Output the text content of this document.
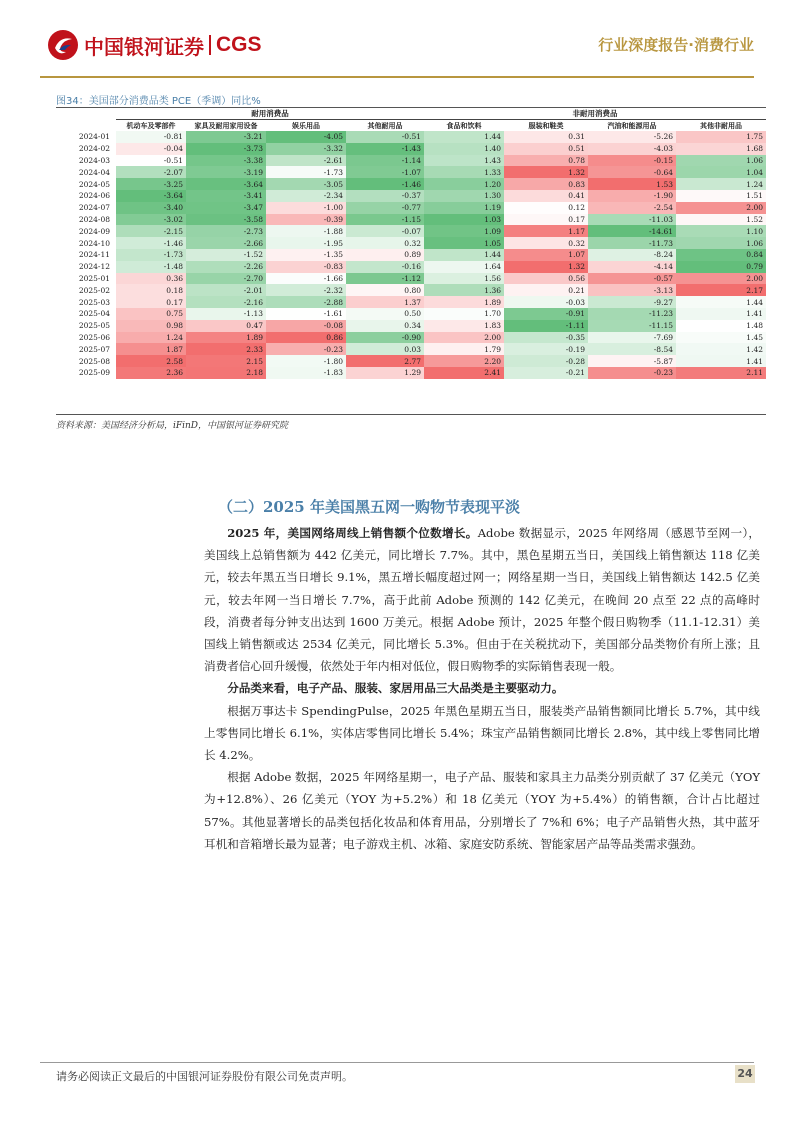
中国银河证券 CGS	行业深度报告·消费行业
图34：美国部分消费品类 PCE（季调）同比%
	耐用消费品				非耐用消费品			
	机动车及零部件	家具及耐用家用设备	娱乐用品	其他耐用品	食品和饮料	服装和鞋类	汽油和能源用品	其他非耐用品
2024-01	-0.81	-3.21	-4.05	-0.51	1.44	0.31	-5.26	1.75
2024-02	-0.04	-3.73	-3.32	-1.43	1.40	0.51	-4.03	1.68
2024-03	-0.51	-3.38	-2.61	-1.14	1.43	0.78	-0.15	1.06
2024-04	-2.07	-3.19	-1.73	-1.07	1.33	1.32	-0.64	1.04
2024-05	-3.25	-3.64	-3.05	-1.46	1.20	0.83	1.53	1.24
2024-06	-3.64	-3.41	-2.34	-0.37	1.30	0.41	-1.90	1.51
2024-07	-3.40	-3.47	-1.00	-0.77	1.19	0.12	-2.54	2.00
2024-08	-3.02	-3.58	-0.39	-1.15	1.03	0.17	-11.03	1.52
2024-09	-2.15	-2.73	-1.88	-0.07	1.09	1.17	-14.61	1.10
2024-10	-1.46	-2.66	-1.95	0.32	1.05	0.32	-11.73	1.06
2024-11	-1.73	-1.52	-1.35	0.89	1.44	1.07	-8.24	0.84
2024-12	-1.48	-2.26	-0.83	-0.16	1.64	1.32	-4.14	0.79
2025-01	0.36	-2.70	-1.66	-1.12	1.56	0.56	-0.57	2.00
2025-02	0.18	-2.01	-2.32	0.80	1.36	0.21	-3.13	2.17
2025-03	0.17	-2.16	-2.88	1.37	1.89	-0.03	-9.27	1.44
2025-04	0.75	-1.13	-1.61	0.50	1.70	-0.91	-11.23	1.41
2025-05	0.98	0.47	-0.08	0.34	1.83	-1.11	-11.15	1.48
2025-06	1.24	1.89	0.86	-0.90	2.00	-0.35	-7.69	1.45
2025-07	1.87	2.33	-0.23	0.03	1.79	-0.19	-8.54	1.42
2025-08	2.58	2.15	-1.80	2.77	2.20	-0.28	-5.87	1.41
2025-09	2.36	2.18	-1.83	1.29	2.41	-0.21	-0.23	2.11
资料来源：美国经济分析局，iFinD，中国银河证券研究院
（二）2025 年美国黑五网一购物节表现平淡

2025 年，美国网络周线上销售额个位数增长。Adobe 数据显示，2025 年网络周（感恩节至网一），美国线上总销售额为 442 亿美元，同比增长 7.7%。其中，黑色星期五当日，美国线上销售额达 118 亿美元，较去年黑五当日增长 9.1%，黑五增长幅度超过网一；网络星期一当日，美国线上销售额达 142.5 亿美元，较去年网一当日增长 7.7%，高于此前 Adobe 预测的 142 亿美元，在晚间 20 点至 22 点的高峰时段，消费者每分钟支出达到 1600 万美元。根据 Adobe 预计，2025 年整个假日购物季（11.1-12.31）美国线上销售额或达 2534 亿美元，同比增长 5.3%。但由于在关税扰动下，美国部分品类物价有所上涨；且消费者信心回升缓慢，依然处于年内相对低位，假日购物季的实际销售表现一般。

分品类来看，电子产品、服装、家居用品三大品类是主要驱动力。

根据万事达卡 SpendingPulse，2025 年黑色星期五当日，服装类产品销售额同比增长 5.7%，其中线上零售同比增长 6.1%，实体店零售同比增长 5.4%；珠宝产品销售额同比增长 2.8%，其中线上零售同比增长 4.2%。

根据 Adobe 数据，2025 年网络星期一，电子产品、服装和家具主力品类分别贡献了 37 亿美元（YOY 为+12.8%）、26 亿美元（YOY 为+5.2%）和 18 亿美元（YOY 为+5.4%）的销售额，合计占比超过 57%。其他显著增长的品类包括化妆品和体育用品，分别增长了 7%和 6%；电子产品销售火热，其中蓝牙耳机和音箱增长最为显著；电子游戏主机、冰箱、家庭安防系统、智能家居产品等品类需求强劲。

请务必阅读正文最后的中国银河证券股份有限公司免责声明。	24
